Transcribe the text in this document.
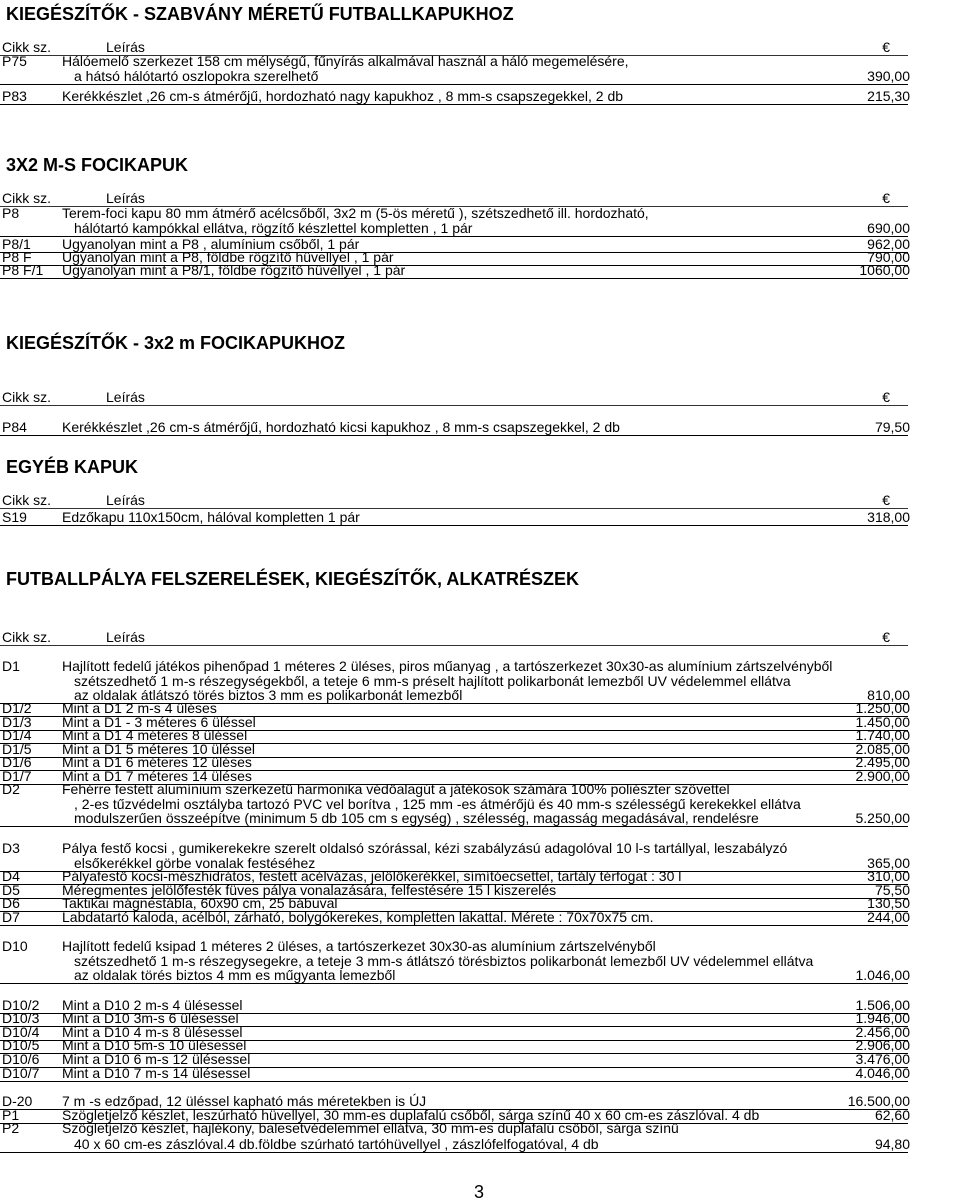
KIEGÉSZÍTŐK - SZABVÁNY MÉRETŰ FUTBALLKAPUKHOZ
Cikk sz.	Leírás	€
P75	Hálóemelő szerkezet 158 cm mélységű, fűnyírás alkalmával használ a háló megemelésére,
a hátsó hálótartó oszlopokra szerelhető	390,00
P83	Kerékkészlet ,26 cm-s átmérőjű, hordozható nagy kapukhoz , 8 mm-s csapszegekkel, 2 db	215,30
3X2 M-S FOCIKAPUK
Cikk sz.	Leírás	€
P8	Terem-foci kapu 80 mm átmérő acélcsőből, 3x2 m (5-ös méretű ), szétszedhető ill. hordozható,
hálótartó kampókkal ellátva, rögzítő készlettel kompletten , 1 pár	690,00
P8/1 Ugyanolyan mint a P8 , alumínium csőből, 1 pár	962,00
P8 F Ugyanolyan mint a P8, földbe rögzítő hüvellyel , 1 pár	790,00
P8 F/1 Ugyanolyan mint a P8/1, földbe rögzítő hüvellyel , 1 pár	1060,00
KIEGÉSZÍTŐK - 3x2 m FOCIKAPUKHOZ
Cikk sz.	Leírás	€
P84	Kerékkészlet ,26 cm-s átmérőjű, hordozható kicsi kapukhoz , 8 mm-s csapszegekkel, 2 db	79,50
EGYÉB KAPUK
Cikk sz.	Leírás	€
S19	Edzőkapu 110x150cm, hálóval kompletten 1 pár	318,00
FUTBALLPÁLYA FELSZERELÉSEK, KIEGÉSZÍTŐK, ALKATRÉSZEK
Cikk sz.	Leírás	€
D1	Hajlított fedelű játékos pihenőpad 1 méteres 2 üléses, piros műanyag , a tartószerkezet 30x30-as alumínium zártszelvényből
szétszedhető 1 m-s részegységekből, a teteje 6 mm-s préselt hajlított polikarbonát lemezből UV védelemmel ellátva
az oldalak átlátszó törés biztos 3 mm es polikarbonát lemezből	810,00
D1/2 Mint a D1 2 m-s 4 üléses	1.250,00
D1/3 Mint a D1 - 3 méteres 6 üléssel	1.450,00
D1/4 Mint a D1 4 méteres 8 üléssel	1.740,00
D1/5 Mint a D1 5 méteres 10 üléssel	2.085,00
D1/6 Mint a D1 6 méteres 12 üléses	2.495,00
D1/7 Mint a D1 7 méteres 14 üléses	2.900,00
D2	Fehérre festett alumínium szerkezetű harmonika védőalagút a játékosok számára 100% poliészter szövettel
, 2-es tűzvédelmi osztályba tartozó PVC vel borítva , 125 mm -es átmérőjü és 40 mm-s szélességű kerekekkel ellátva
modulszerűen összeépítve (minimum 5 db 105 cm s egység) , szélesség, magasság megadásával, rendelésre	5.250,00
D3	Pálya festő kocsi , gumikerekekre szerelt oldalsó szórással, kézi szabályzású adagolóval 10 l-s tartállyal, leszabályzó
elsőkerékkel görbe vonalak festéséhez	365,00
D4	Pályafestő kocsi-mészhidrátos, festett acélvázas, jelölőkerékkel, símítóecsettel, tartály térfogat : 30 l	310,00
D5	Méregmentes jelölőfesték füves pálya vonalazására, felfestésére 15 l kiszerelés	75,50
D6	Taktikai mágnestábla, 60x90 cm, 25 bábuval	130,50
D7	Labdatartó kaloda, acélból, zárható, bolygókerekes, kompletten lakattal. Mérete : 70x70x75 cm.	244,00
D10 Hajlított fedelű ksipad 1 méteres 2 üléses, a tartószerkezet 30x30-as alumínium zártszelvényből
szétszedhető 1 m-s részegysegekre, a teteje 3 mm-s átlátszó törésbiztos polikarbonát lemezből UV védelemmel ellátva
az oldalak törés biztos 4 mm es műgyanta lemezből	1.046,00
D10/2 Mint a D10 2 m-s 4 ülésessel	1.506,00
D10/3 Mint a D10 3m-s 6 ülésessel	1.946,00
D10/4 Mint a D10 4 m-s 8 ülésessel	2.456,00
D10/5 Mint a D10 5m-s 10 ülésessel	2.906,00
D10/6 Mint a D10 6 m-s 12 ülésessel	3.476,00
D10/7 Mint a D10 7 m-s 14 ülésessel	4.046,00
D-20 7 m -s edzőpad, 12 üléssel kapható más méretekben is ÚJ	16.500,00
P1	Szögletjelző készlet, leszúrható hüvellyel, 30 mm-es duplafalú csőből, sárga színű 40 x 60 cm-es zászlóval. 4 db	62,60
P2	Szögletjelző készlet, hajlékony, balesetvédelemmel ellátva, 30 mm-es duplafalú csőből, sárga színű
40 x 60 cm-es zászlóval.4 db.földbe szúrható tartóhüvellyel , zászlófelfogatóval, 4 db	94,80
3
